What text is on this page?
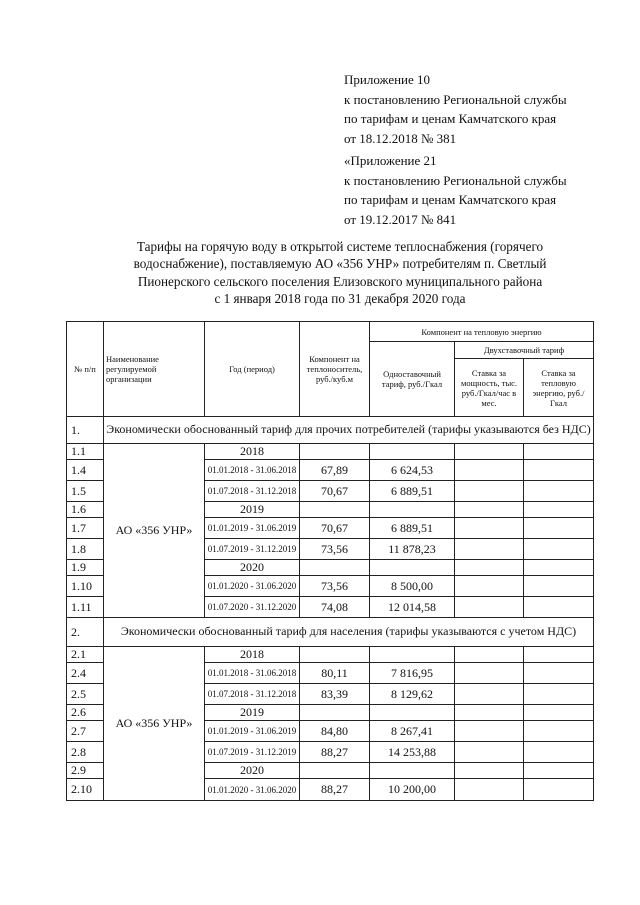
Приложение 10
к постановлению Региональной службы
по тарифам и ценам Камчатского края
от 18.12.2018 № 381
«Приложение 21
к постановлению Региональной службы
по тарифам и ценам Камчатского края
от 19.12.2017 № 841
Тарифы на горячую воду в открытой системе теплоснабжения (горячего
водоснабжение), поставляемую АО «356 УНР» потребителям п. Светлый
Пионерского сельского поселения Елизовского муниципального района
с 1 января 2018 года по 31 декабря 2020 года
№ п/п	Наименование регулируемой организации	Год (период)	Компонент на теплоноситель, руб./куб.м	Компонент на тепловую энергию		
				Одноставочный тариф, руб./Гкал	Двухставочный тариф	
					Ставка за мощность, тыс. руб./Гкал/час в мес.	Ставка за тепловую энергию, руб./Гкал
1.	Экономически обоснованный тариф для прочих потребителей (тарифы указываются без НДС)					
1.1	АО «356 УНР»	2018				
1.4		01.01.2018 - 31.06.2018	67,89	6 624,53		
1.5		01.07.2018 - 31.12.2018	70,67	6 889,51		
1.6		2019				
1.7		01.01.2019 - 31.06.2019	70,67	6 889,51		
1.8		01.07.2019 - 31.12.2019	73,56	11 878,23		
1.9		2020				
1.10		01.01.2020 - 31.06.2020	73,56	8 500,00		
1.11		01.07.2020 - 31.12.2020	74,08	12 014,58		
2.	Экономически обоснованный тариф для населения (тарифы указываются с учетом НДС)					
2.1	АО «356 УНР»	2018				
2.4		01.01.2018 - 31.06.2018	80,11	7 816,95		
2.5		01.07.2018 - 31.12.2018	83,39	8 129,62		
2.6		2019				
2.7		01.01.2019 - 31.06.2019	84,80	8 267,41		
2.8		01.07.2019 - 31.12.2019	88,27	14 253,88		
2.9		2020				
2.10		01.01.2020 - 31.06.2020	88,27	10 200,00		
